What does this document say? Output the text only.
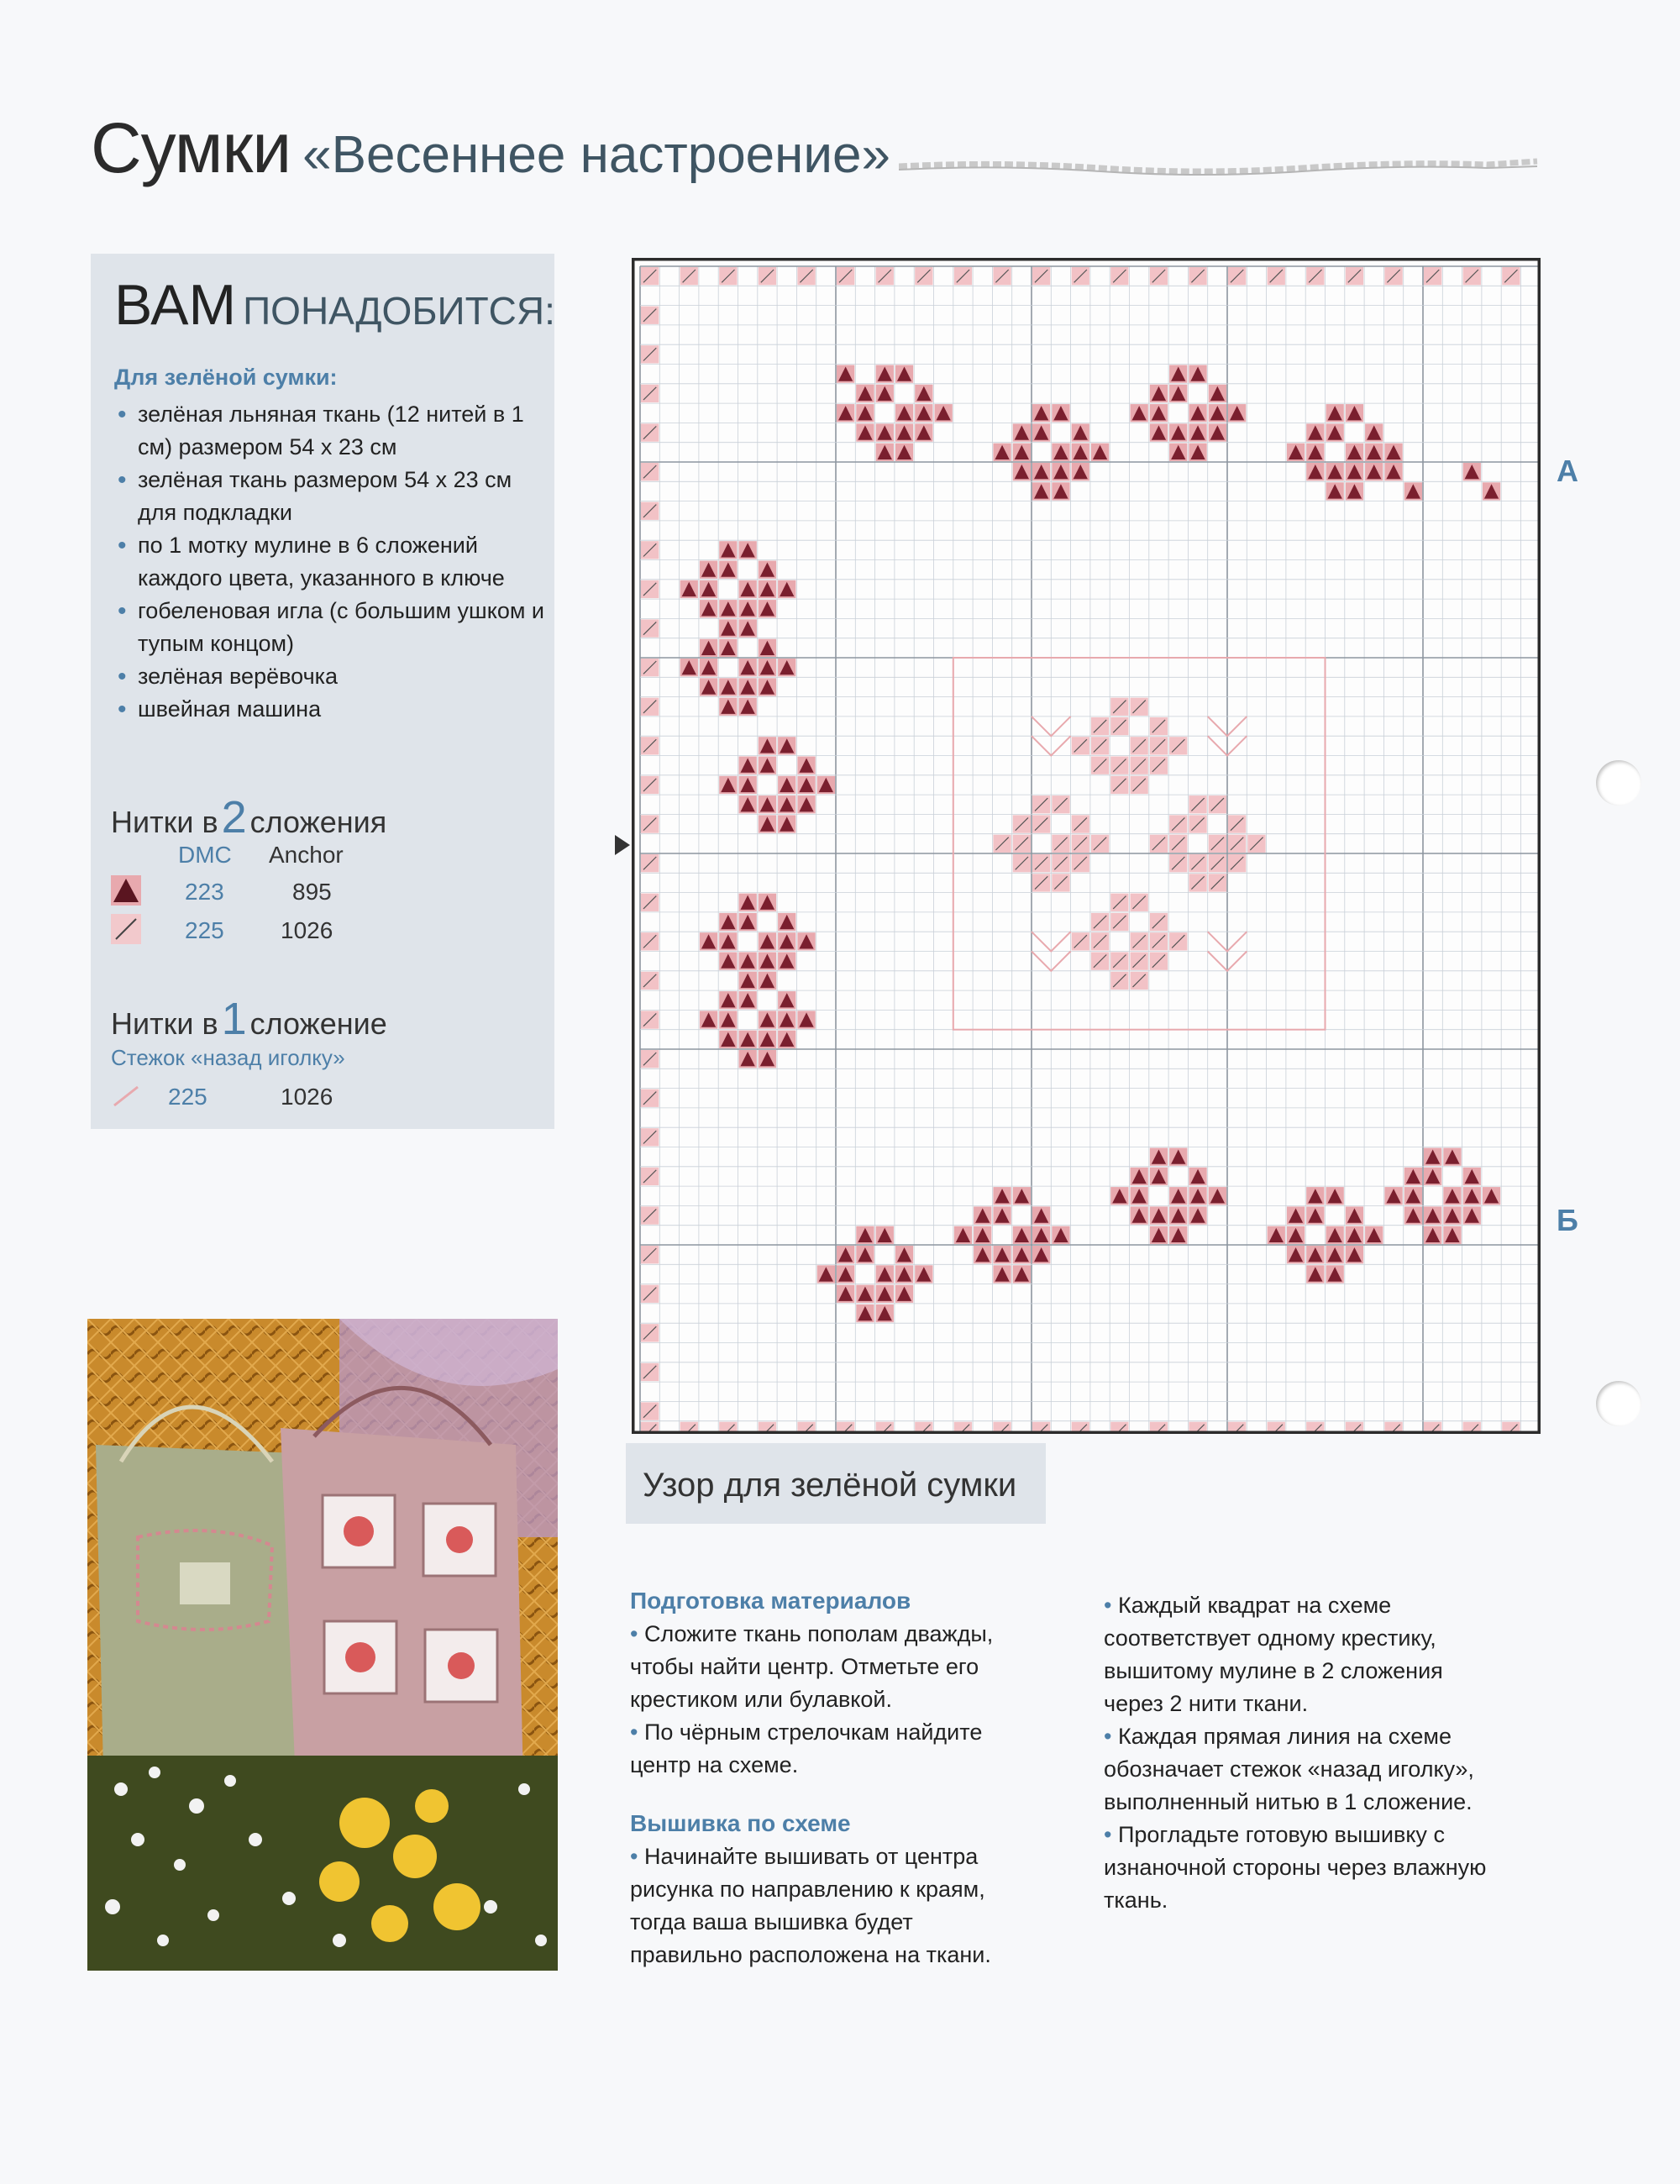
Сумки «Весеннее настроение»
ВАМ ПОНАДОБИТСЯ:
Для зелёной сумки:
• зелёная льняная ткань (12 нитей в 1 см) размером 54 х 23 см
• зелёная ткань размером 54 х 23 см для подкладки
• по 1 мотку мулине в 6 сложений каждого цвета, указанного в ключе
• гобеленовая игла (с большим ушком и тупым концом)
• зелёная верёвочка
• швейная машина
Нитки в2 сложения
DMC Anchor
223	895
225 1026
Нитки в1 сложение
Стежок «назад иголку»
225	1026
А
Б
Узор для зелёной сумки
Подготовка материалов

• Сложите ткань пополам дважды, чтобы найти центр. Отметьте его крестиком или булавкой.

• По чёрным стрелочкам найдите центр на схеме.

Вышивка по схеме

• Начинайте вышивать от центра рисунка по направлению к краям, тогда ваша вышивка будет правильно расположена на ткани.

• Каждый квадрат на схеме соответствует одному крестику, вышитому мулине в 2 сложения через 2 нити ткани.

• Каждая прямая линия на схеме обозначает стежок «назад иголку», выполненный нитью в 1 сложение.

• Прогладьте готовую вышивку с изнаночной стороны через влажную ткань.
